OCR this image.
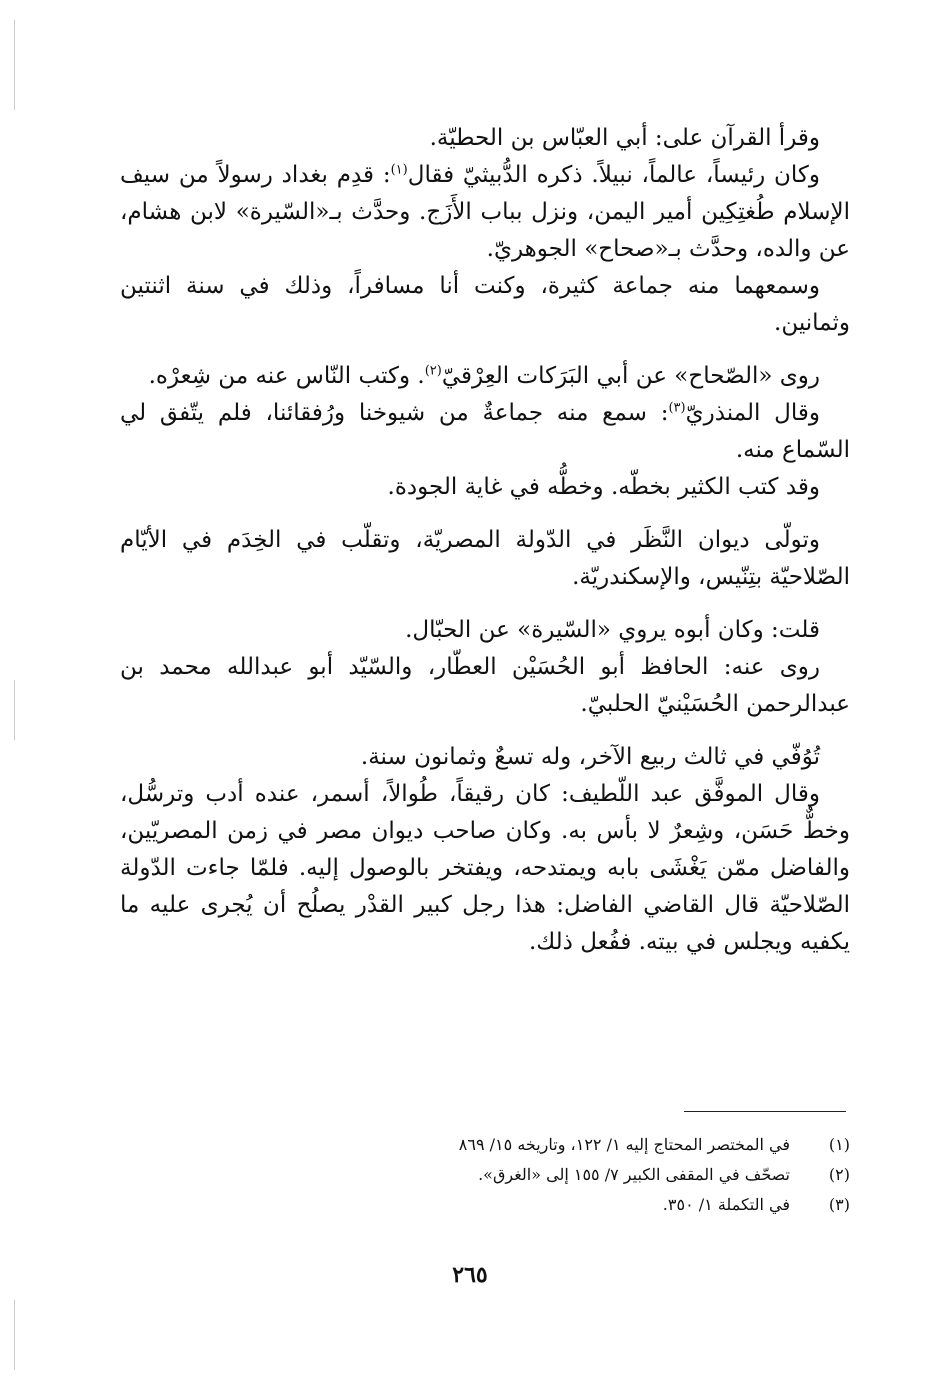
وقرأ القرآن على: أبي العبّاس بن الحطيّة.

وكان رئيساً، عالماً، نبيلاً. ذكره الدُّبيثيّ فقال$^{(١)}$: قدِم بغداد رسولاً من سيف الإسلام طُغتِكِين أمير اليمن، ونزل بباب الأَزَج. وحدَّث بـ«السّيرة» لابن هشام، عن والده، وحدَّث بـ«صحاح» الجوهريّ.

وسمعهما منه جماعة كثيرة، وكنت أنا مسافراً، وذلك في سنة اثنتين وثمانين.

روى «الصّحاح» عن أبي البَرَكات العِرْقيّ$^{(٢)}$. وكتب النّاس عنه من شِعرْه.

وقال المنذريّ$^{(٣)}$: سمع منه جماعةٌ من شيوخنا ورُفقائنا، فلم يتّفق لي السّماع منه.

وقد كتب الكثير بخطّه. وخطُّه في غاية الجودة.

وتولّى ديوان النَّظَر في الدّولة المصريّة، وتقلّب في الخِدَم في الأيّام الصّلاحيّة بتِنّيس، والإسكندريّة.

قلت: وكان أبوه يروي «السّيرة» عن الحبّال.

روى عنه: الحافظ أبو الحُسَيْن العطّار، والسّيّد أبو عبدالله محمد بن عبدالرحمن الحُسَيْنيّ الحلبيّ.

تُوُفّي في ثالث ربيع الآخر، وله تسعٌ وثمانون سنة.

وقال الموفَّق عبد اللّطيف: كان رقيقاً، طُوالاً، أسمر، عنده أدب وترسُّل، وخطٌّ حَسَن، وشِعرٌ لا بأس به. وكان صاحب ديوان مصر في زمن المصريّين، والفاضل ممّن يَغْشَى بابه ويمتدحه، ويفتخر بالوصول إليه. فلمّا جاءت الدّولة الصّلاحيّة قال القاضي الفاضل: هذا رجل كبير القدْر يصلُح أن يُجرى عليه ما يكفيه ويجلس في بيته. ففُعل ذلك.

(١)
في المختصر المحتاج إليه ١/ ١٢٢، وتاريخه ١٥/ ٨٦٩
(٢)
تصحّف في المقفى الكبير ٧/ ١٥٥ إلى «الغرق».
(٣)
في التكملة ١/ ٣٥٠.
٢٦٥
